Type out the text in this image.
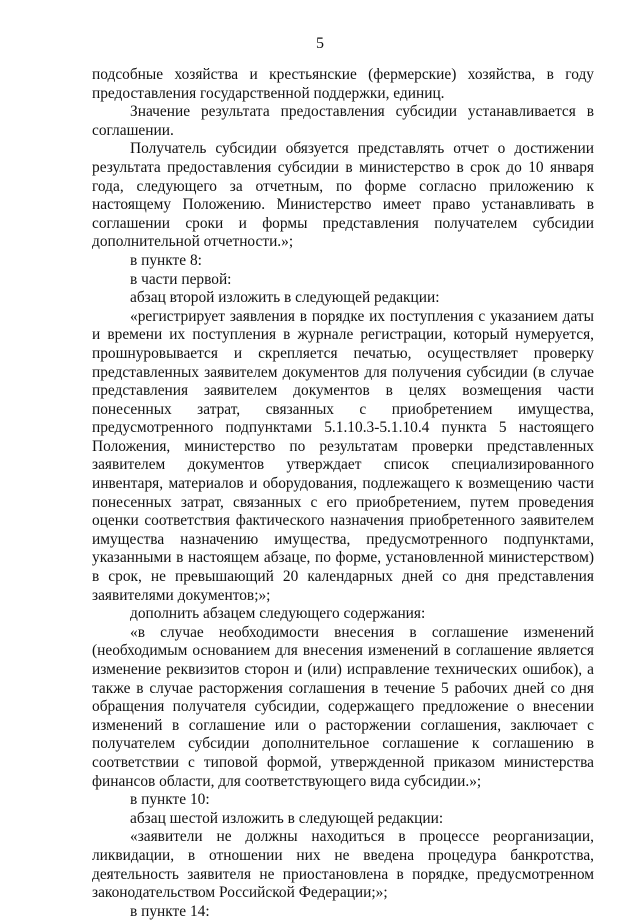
5

подсобные хозяйства и крестьянские (фермерские) хозяйства, в году предоставления государственной поддержки, единиц.

Значение результата предоставления субсидии устанавливается в соглашении.

Получатель субсидии обязуется представлять отчет о достижении результата предоставления субсидии в министерство в срок до 10 января года, следующего за отчетным, по форме согласно приложению к настоящему Положению. Министерство имеет право устанавливать в соглашении сроки и формы представления получателем субсидии дополнительной отчетности.»;

в пункте 8:

в части первой:

абзац второй изложить в следующей редакции:

«регистрирует заявления в порядке их поступления с указанием даты и времени их поступления в журнале регистрации, который нумеруется, прошнуровывается и скрепляется печатью, осуществляет проверку представленных заявителем документов для получения субсидии (в случае представления заявителем документов в целях возмещения части понесенных затрат, связанных с приобретением имущества, предусмотренного подпунктами 5.1.10.3-5.1.10.4 пункта 5 настоящего Положения, министерство по результатам проверки представленных заявителем документов утверждает список специализированного инвентаря, материалов и оборудования, подлежащего к возмещению части понесенных затрат, связанных с его приобретением, путем проведения оценки соответствия фактического назначения приобретенного заявителем имущества назначению имущества, предусмотренного подпунктами, указанными в настоящем абзаце, по форме, установленной министерством) в срок, не превышающий 20 календарных дней со дня представления заявителями документов;»;

дополнить абзацем следующего содержания:

«в случае необходимости внесения в соглашение изменений (необходимым основанием для внесения изменений в соглашение является изменение реквизитов сторон и (или) исправление технических ошибок), а также в случае расторжения соглашения в течение 5 рабочих дней со дня обращения получателя субсидии, содержащего предложение о внесении изменений в соглашение или о расторжении соглашения, заключает с получателем субсидии дополнительное соглашение к соглашению в соответствии с типовой формой, утвержденной приказом министерства финансов области, для соответствующего вида субсидии.»;

в пункте 10:

абзац шестой изложить в следующей редакции:

«заявители не должны находиться в процессе реорганизации, ликвидации, в отношении них не введена процедура банкротства, деятельность заявителя не приостановлена в порядке, предусмотренном законодательством Российской Федерации;»;

в пункте 14:
